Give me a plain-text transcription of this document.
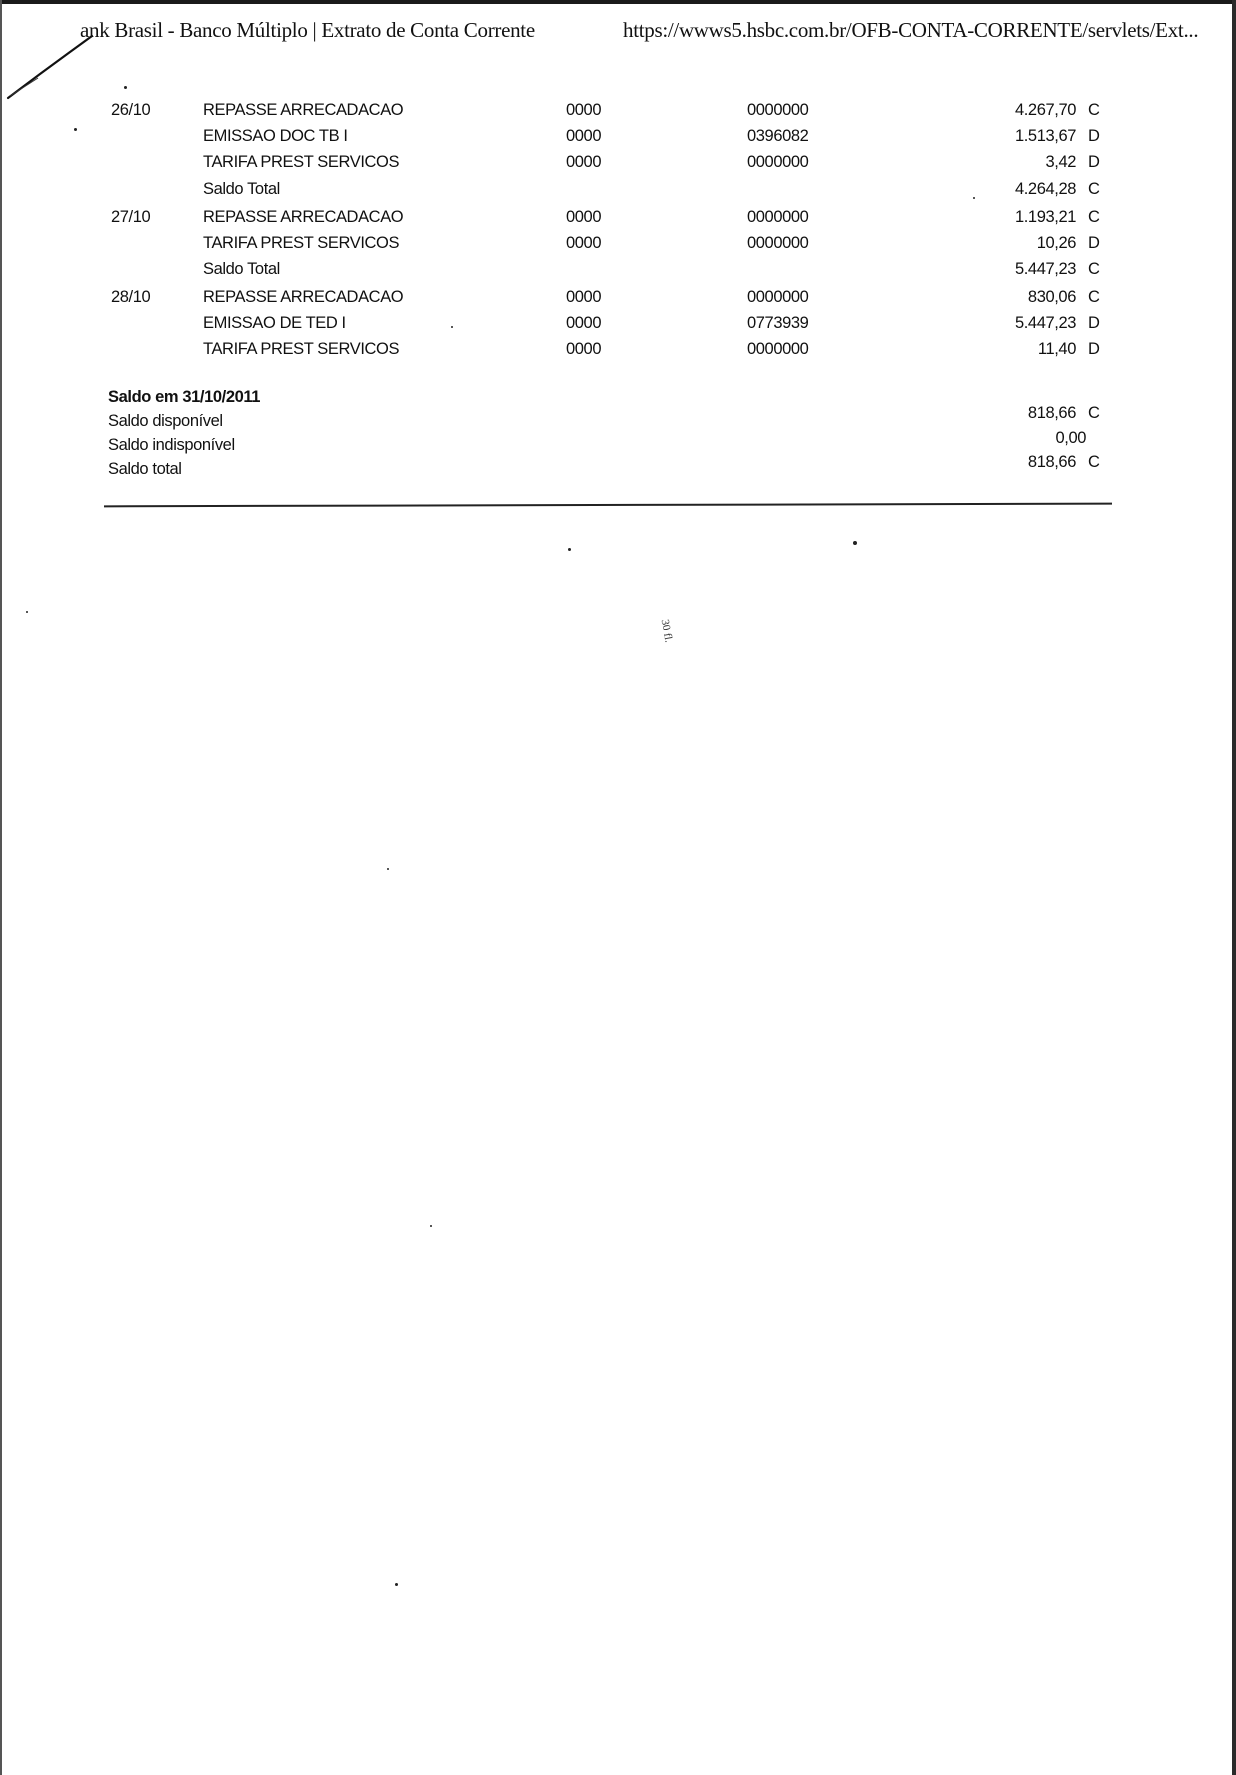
ank Brasil - Banco Múltiplo | Extrato de Conta Corrente	https://wwws5.hsbc.com.br/OFB-CONTA-CORRENTE/servlets/Ext...
26/10	REPASSE ARRECADACAO	0000	0000000	4.267,70 C
EMISSAO DOC TB I	0000	0396082	1.513,67 D
TARIFA PREST SERVICOS	0000	0000000	3,42 D
Saldo Total	4.264,28 C
27/10	REPASSE ARRECADACAO	0000	0000000	1.193,21 C
TARIFA PREST SERVICOS	0000	0000000	10,26 D
Saldo Total	5.447,23 C
28/10	REPASSE ARRECADACAO	0000	0000000	830,06 C
EMISSAO DE TED I	0000	0773939	5.447,23 D
TARIFA PREST SERVICOS	0000	0000000	11,40 D
Saldo em 31/10/2011
Saldo disponível	818,66 C
Saldo indisponível	0,00
Saldo total	818,66 C
30 fl.
